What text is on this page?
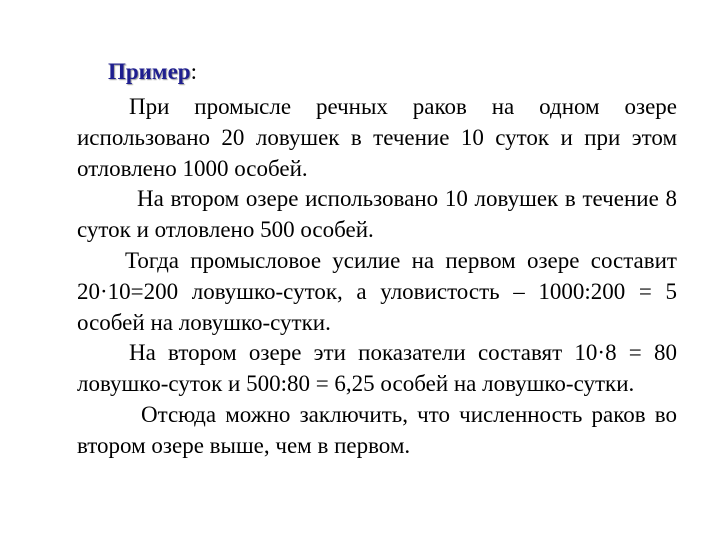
Пример:

При промысле речных раков на одном озере использовано 20 ловушек в течение 10 суток и при этом отловлено 1000 особей.

На втором озере использовано 10 ловушек в течение 8 суток и отловлено 500 особей.

Тогда промысловое усилие на первом озере составит 20·10=200 ловушко-суток, а уловистость – 1000:200 = 5 особей на ловушко-сутки.

На втором озере эти показатели составят 10·8 = 80 ловушко-суток и 500:80 = 6,25 особей на ловушко-сутки.

Отсюда можно заключить, что численность раков во втором озере выше, чем в первом.
